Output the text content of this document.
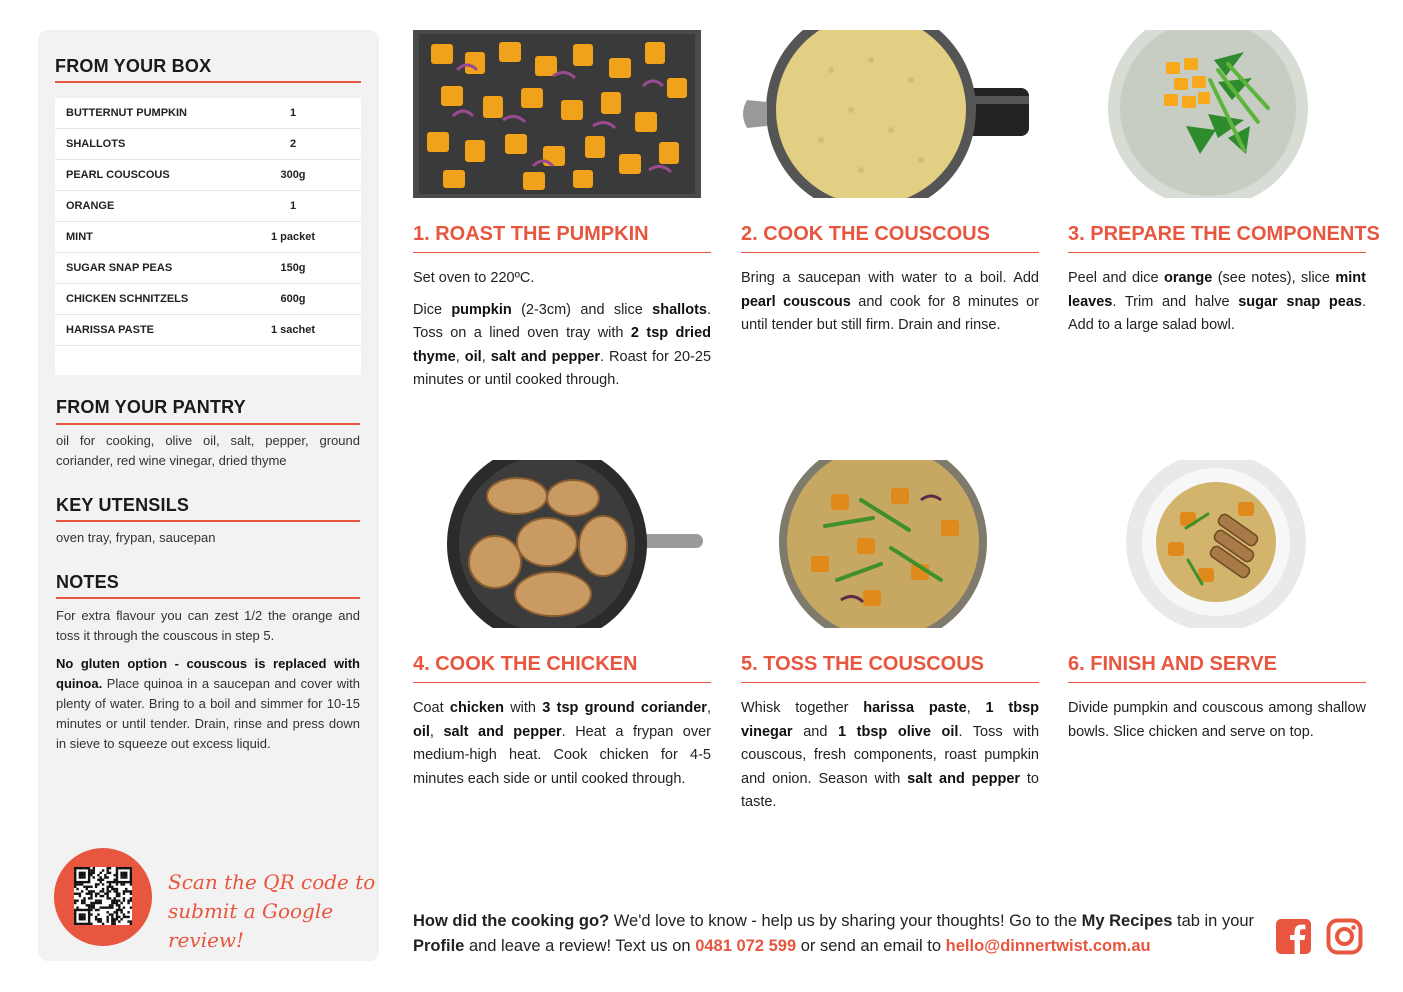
FROM YOUR BOX
BUTTERNUT PUMPKIN	1
SHALLOTS	2
PEARL COUSCOUS	300g
ORANGE	1
MINT	1 packet
SUGAR SNAP PEAS	150g
CHICKEN SCHNITZELS	600g
HARISSA PASTE	1 sachet
FROM YOUR PANTRY
oil for cooking, olive oil, salt, pepper, ground coriander, red wine vinegar, dried thyme
KEY UTENSILS
oven tray, frypan, saucepan
NOTES

For extra flavour you can zest 1/2 the orange and toss it through the couscous in step 5.

No gluten option - couscous is replaced with quinoa. Place quinoa in a saucepan and cover with plenty of water. Bring to a boil and simmer for 10-15 minutes or until tender. Drain, rinse and press down in sieve to squeeze out excess liquid.

Scan the QR code to
submit a Google review!
1. ROAST THE PUMPKIN

Set oven to 220ºC.

Dice pumpkin (2-3cm) and slice shallots. Toss on a lined oven tray with 2 tsp dried thyme, oil, salt and pepper. Roast for 20-25 minutes or until cooked through.

2. COOK THE COUSCOUS

Bring a saucepan with water to a boil. Add pearl couscous and cook for 8 minutes or until tender but still firm. Drain and rinse.

3. PREPARE THE COMPONENTS

Peel and dice orange (see notes), slice mint leaves. Trim and halve sugar snap peas. Add to a large salad bowl.

4. COOK THE CHICKEN

Coat chicken with 3 tsp ground coriander, oil, salt and pepper. Heat a frypan over medium-high heat. Cook chicken for 4-5 minutes each side or until cooked through.

5. TOSS THE COUSCOUS

Whisk together harissa paste, 1 tbsp vinegar and 1 tbsp olive oil. Toss with couscous, fresh components, roast pumpkin and onion. Season with salt and pepper to taste.

6. FINISH AND SERVE

Divide pumpkin and couscous among shallow bowls. Slice chicken and serve on top.

How did the cooking go? We'd love to know - help us by sharing your thoughts! Go to the My Recipes tab in your Profile and leave a review! Text us on 0481 072 599 or send an email to hello@dinnertwist.com.au
